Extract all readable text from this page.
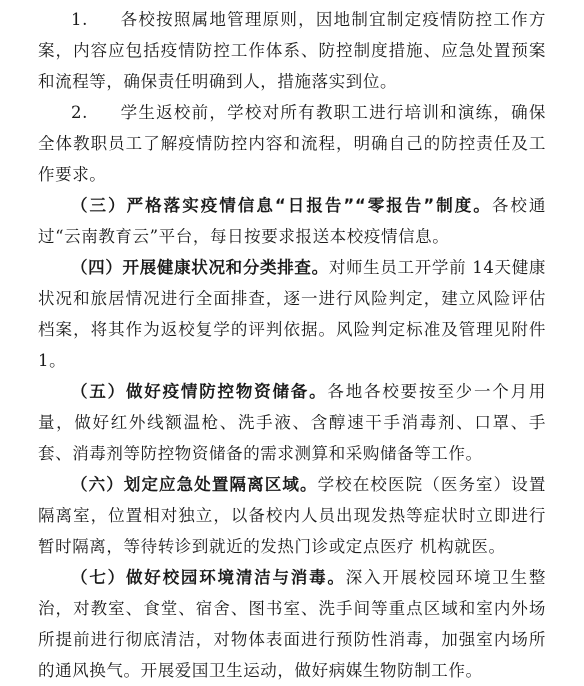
1. 各校按照属地管理原则，因地制宜制定疫情防控工作方案，内容应包括疫情防控工作体系、防控制度措施、应急处置预案和流程等，确保责任明确到人，措施落实到位。

2. 学生返校前，学校对所有教职工进行培训和演练，确保全体教职员工了解疫情防控内容和流程，明确自己的防控责任及工作要求。

（三）严格落实疫情信息“日报告”“零报告”制度。各校通过“云南教育云”平台，每日按要求报送本校疫情信息。

（四）开展健康状况和分类排查。对师生员工开学前 14天健康状况和旅居情况进行全面排查，逐一进行风险判定，建立风险评估档案，将其作为返校复学的评判依据。风险判定标准及管理见附件 1。

（五）做好疫情防控物资储备。各地各校要按至少一个月用量，做好红外线额温枪、洗手液、含醇速干手消毒剂、口罩、手套、消毒剂等防控物资储备的需求测算和采购储备等工作。

（六）划定应急处置隔离区域。学校在校医院（医务室）设置隔离室，位置相对独立，以备校内人员出现发热等症状时立即进行暂时隔离，等待转诊到就近的发热门诊或定点医疗 机构就医。

（七）做好校园环境清洁与消毒。深入开展校园环境卫生整治，对教室、食堂、宿舍、图书室、洗手间等重点区域和室内外场所提前进行彻底清洁，对物体表面进行预防性消毒，加强室内场所的通风换气。开展爱国卫生运动，做好病媒生物防制工作。
